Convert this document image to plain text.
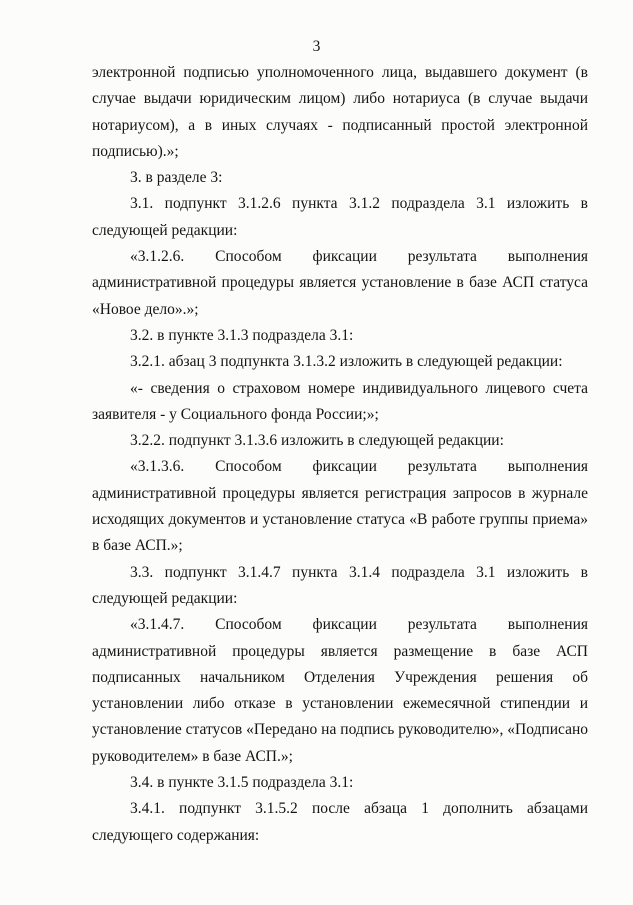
3

электронной подписью уполномоченного лица, выдавшего документ (в случае выдачи юридическим лицом) либо нотариуса (в случае выдачи нотариусом), а в иных случаях - подписанный простой электронной подписью).»;

3. в разделе 3:

3.1. подпункт 3.1.2.6 пункта 3.1.2 подраздела 3.1 изложить в следующей редакции:

«3.1.2.6. Способом фиксации результата выполнения административной процедуры является установление в базе АСП статуса «Новое дело».»;

3.2. в пункте 3.1.3 подраздела 3.1:

3.2.1. абзац 3 подпункта 3.1.3.2 изложить в следующей редакции:

«- сведения о страховом номере индивидуального лицевого счета заявителя - у Социального фонда России;»;

3.2.2. подпункт 3.1.3.6 изложить в следующей редакции:

«3.1.3.6. Способом фиксации результата выполнения административной процедуры является регистрация запросов в журнале исходящих документов и установление статуса «В работе группы приема» в базе АСП.»;

3.3. подпункт 3.1.4.7 пункта 3.1.4 подраздела 3.1 изложить в следующей редакции:

«3.1.4.7. Способом фиксации результата выполнения административной процедуры является размещение в базе АСП подписанных начальником Отделения Учреждения решения об установлении либо отказе в установлении ежемесячной стипендии и установление статусов «Передано на подпись руководителю», «Подписано руководителем» в базе АСП.»;

3.4. в пункте 3.1.5 подраздела 3.1:

3.4.1. подпункт 3.1.5.2 после абзаца 1 дополнить абзацами следующего содержания:
